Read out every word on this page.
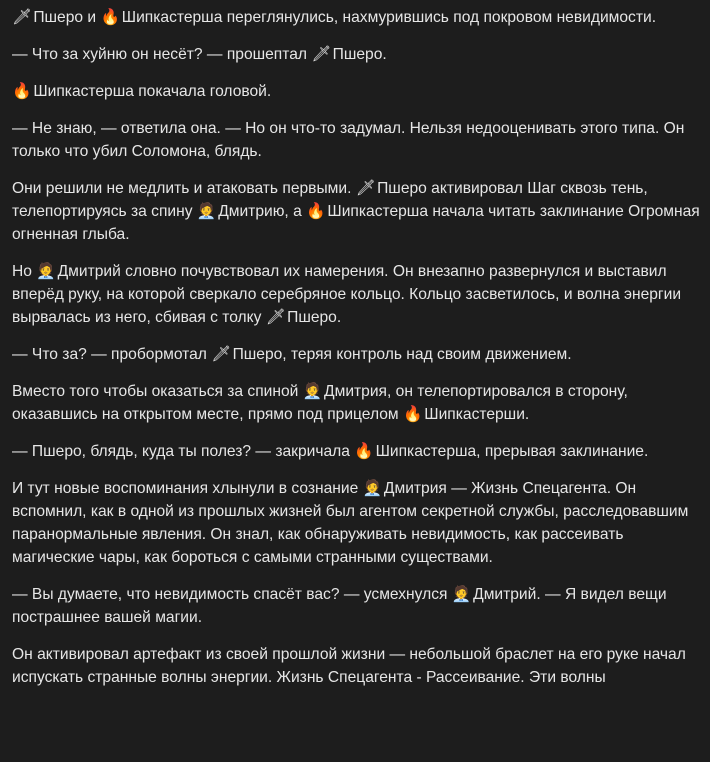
🗡 Пшеро и 🔥 Шипкастерша переглянулись, нахмурившись под покровом невидимости.

— Что за хуйню он несёт? — прошептал 🗡 Пшеро.

🔥 Шипкастерша покачала головой.

— Не знаю, — ответила она. — Но он что-то задумал. Нельзя недооценивать этого типа. Он только что убил Соломона, блядь.

Они решили не медлить и атаковать первыми. 🗡 Пшеро активировал Шаг сквозь тень, телепортируясь за спину 🧑‍💼 Дмитрию, а 🔥 Шипкастерша начала читать заклинание Огромная огненная глыба.

Но 🧑‍💼 Дмитрий словно почувствовал их намерения. Он внезапно развернулся и выставил вперёд руку, на которой сверкало серебряное кольцо. Кольцо засветилось, и волна энергии вырвалась из него, сбивая с толку 🗡 Пшеро.

— Что за? — пробормотал 🗡 Пшеро, теряя контроль над своим движением.

Вместо того чтобы оказаться за спиной 🧑‍💼 Дмитрия, он телепортировался в сторону, оказавшись на открытом месте, прямо под прицелом 🔥 Шипкастерши.

— Пшеро, блядь, куда ты полез? — закричала 🔥 Шипкастерша, прерывая заклинание.

И тут новые воспоминания хлынули в сознание 🧑‍💼 Дмитрия — Жизнь Спецагента. Он вспомнил, как в одной из прошлых жизней был агентом секретной службы, расследовавшим паранормальные явления. Он знал, как обнаруживать невидимость, как рассеивать магические чары, как бороться с самыми странными существами.

— Вы думаете, что невидимость спасёт вас? — усмехнулся 🧑‍💼 Дмитрий. — Я видел вещи пострашнее вашей магии.

Он активировал артефакт из своей прошлой жизни — небольшой браслет на его руке начал испускать странные волны энергии. Жизнь Спецагента - Рассеивание. Эти волны
